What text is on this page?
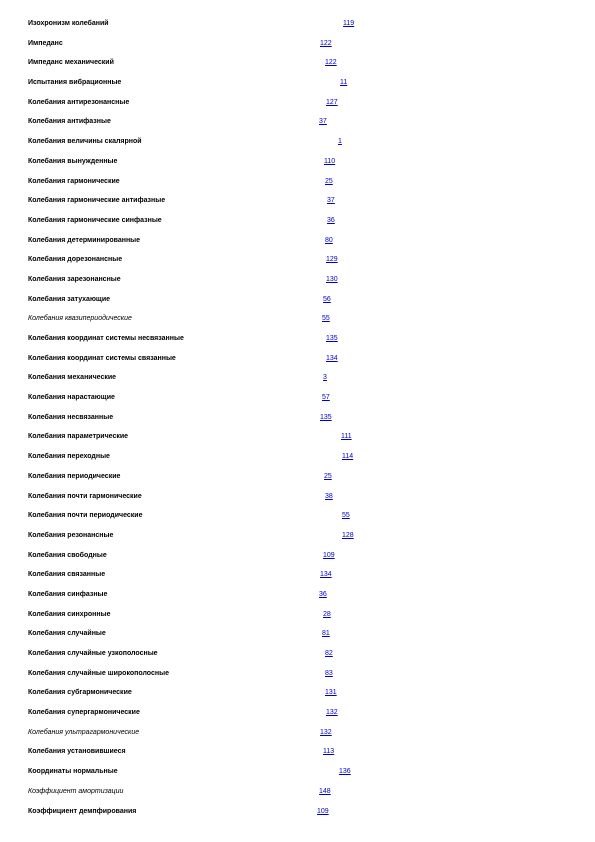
Изохронизм колебаний	119
Импеданс	122
Импеданс механический	122
Испытания вибрационные	11
Колебания антирезонансные	127
Колебания антифазные	37
Колебания величины скалярной	1
Колебания вынужденные	110
Колебания гармонические	25
Колебания гармонические антифазные	37
Колебания гармонические синфазные	36
Колебания детерминированные	80
Колебания дорезонансные	129
Колебания зарезонансные	130
Колебания затухающие	56
Колебания квазипериодические	55
Колебания координат системы несвязанные	135
Колебания координат системы связанные	134
Колебания механические	3
Колебания нарастающие	57
Колебания несвязанные	135
Колебания параметрические	111
Колебания переходные	114
Колебания периодические	25
Колебания почти гармонические	38
Колебания почти периодические	55
Колебания резонансные	128
Колебания свободные	109
Колебания связанные	134
Колебания синфазные	36
Колебания синхронные	28
Колебания случайные	81
Колебания случайные узкополосные	82
Колебания случайные широкополосные	83
Колебания субгармонические	131
Колебания супергармонические	132
Колебания ультрагармонические	132
Колебания установившиеся	113
Координаты нормальные	136
Коэффициент амортизации	148
Коэффициент демпфирования	109
